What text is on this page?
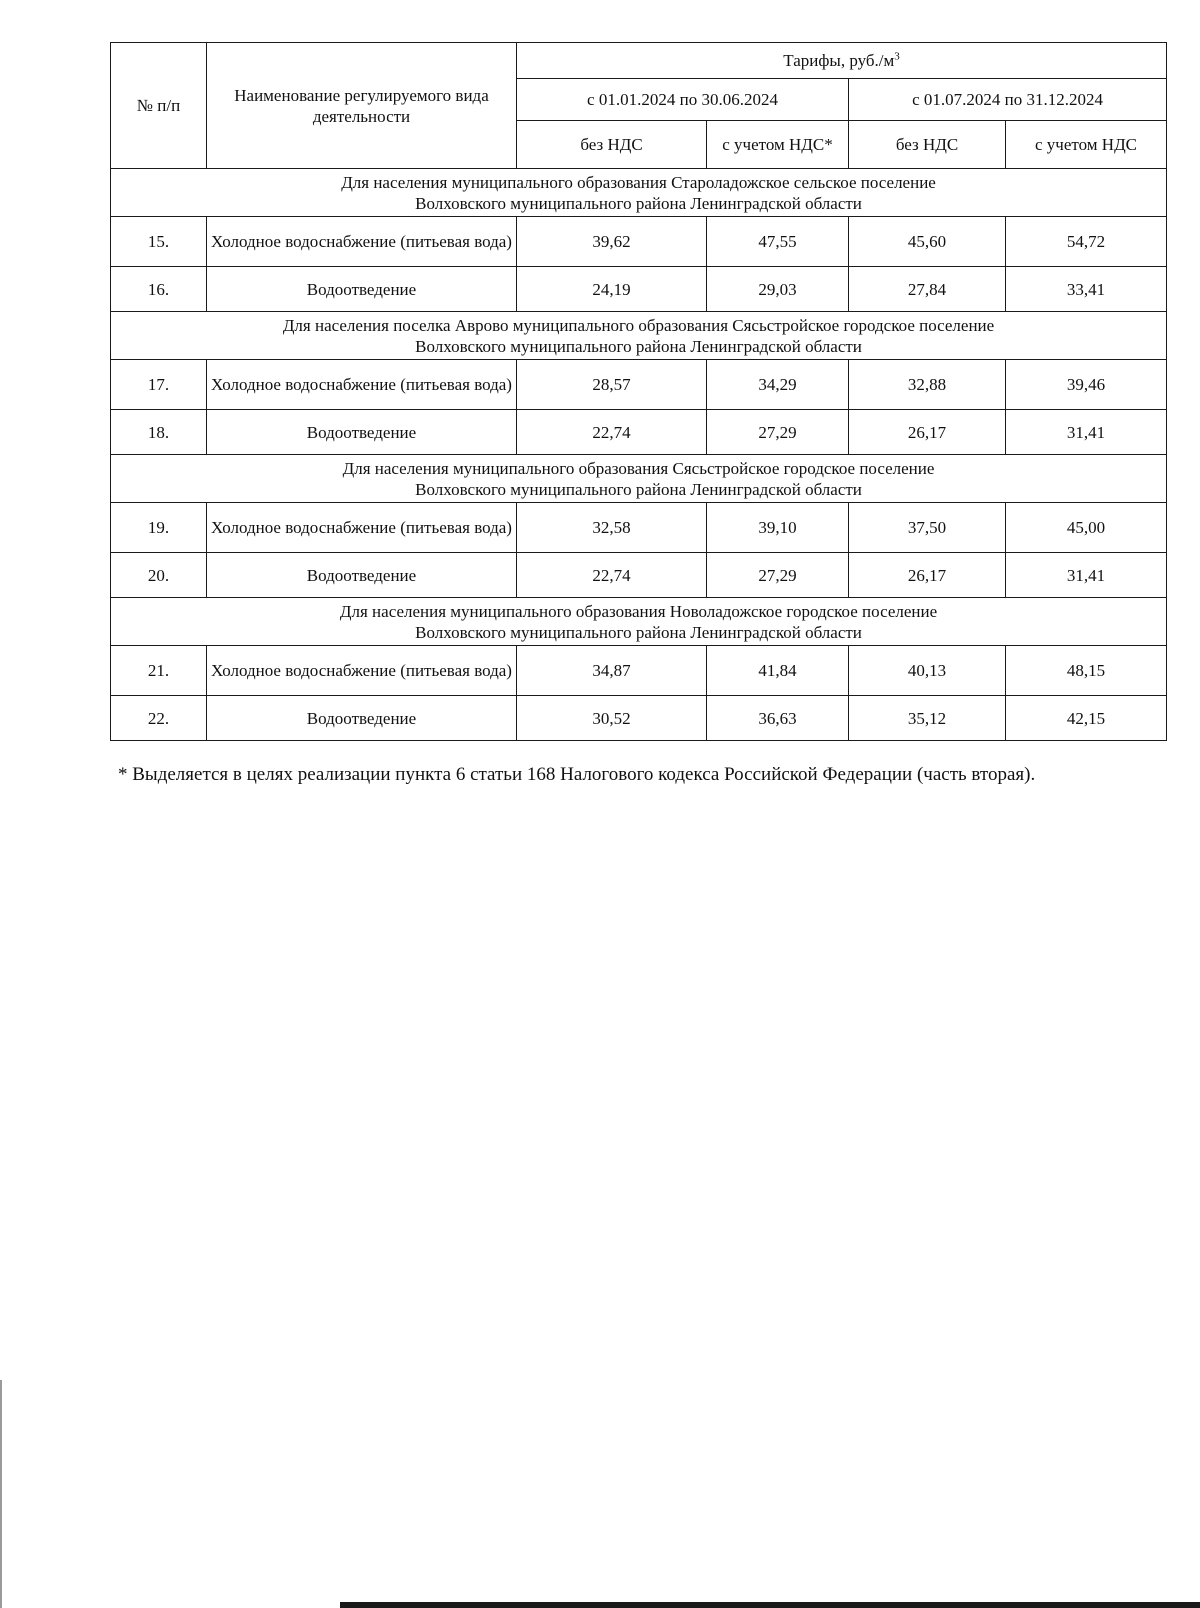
№ п/п	Наименование регулируемого вида деятельности	Тарифы, $руб./м^3$
		с 01.01.2024 по 30.06.2024		с 01.07.2024 по 31.12.2024	
		без НДС	с учетом НДС*	без НДС	с учетом НДС
Для населения муниципального образования Староладожское сельское поселение
Волховского муниципального района Ленинградской области					
15.	Холодное водоснабжение (питьевая вода)	39,62	47,55	45,60	54,72
16.	Водоотведение	24,19	29,03	27,84	33,41
Для населения поселка Аврово муниципального образования Сясьстройское городское поселение
Волховского муниципального района Ленинградской области					
17.	Холодное водоснабжение (питьевая вода)	28,57	34,29	32,88	39,46
18.	Водоотведение	22,74	27,29	26,17	31,41
Для населения муниципального образования Сясьстройское городское поселение
Волховского муниципального района Ленинградской области					
19.	Холодное водоснабжение (питьевая вода)	32,58	39,10	37,50	45,00
20.	Водоотведение	22,74	27,29	26,17	31,41
Для населения муниципального образования Новоладожское городское поселение
Волховского муниципального района Ленинградской области					
21.	Холодное водоснабжение (питьевая вода)	34,87	41,84	40,13	48,15
22.	Водоотведение	30,52	36,63	35,12	42,15

* Выделяется в целях реализации пункта 6 статьи 168 Налогового кодекса Российской Федерации (часть вторая).
